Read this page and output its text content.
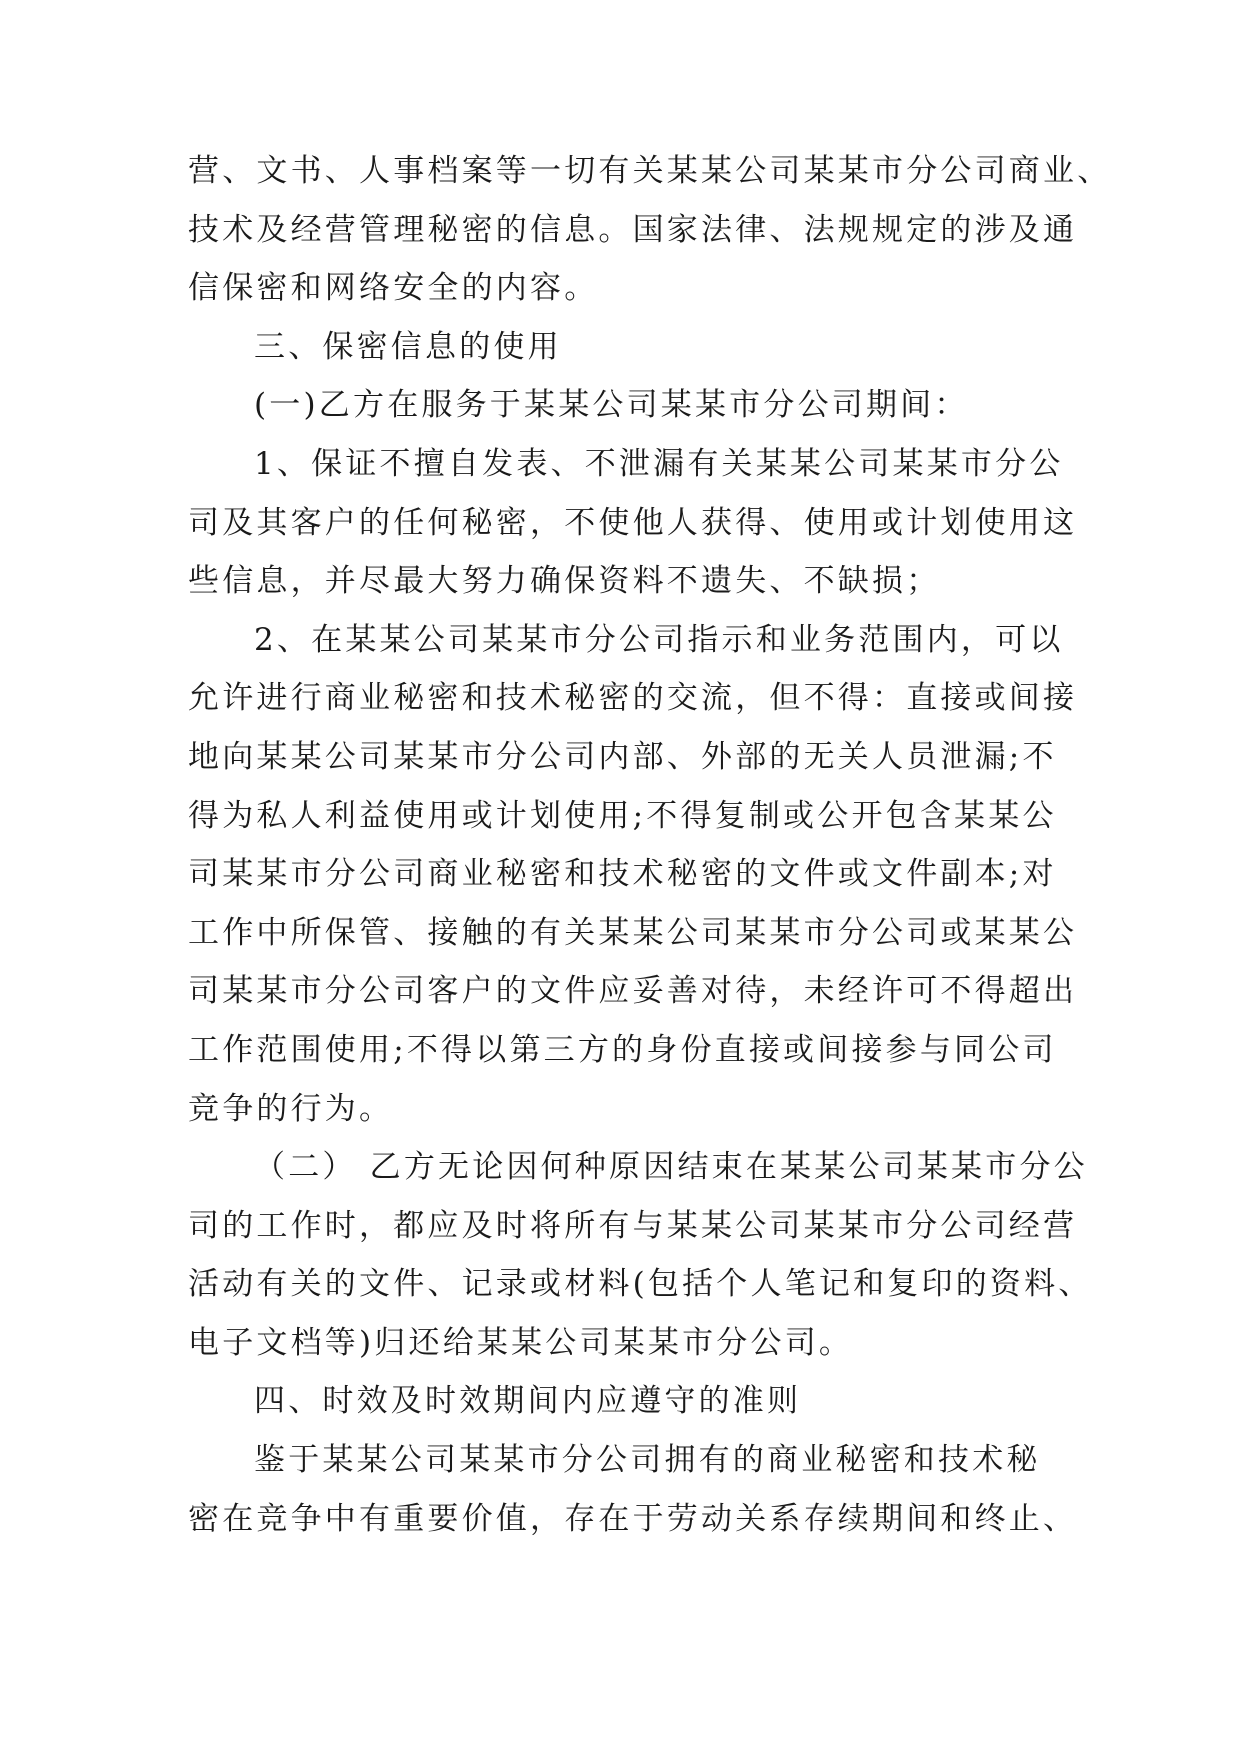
营、文书、人事档案等一切有关某某公司某某市分公司商业、
技术及经营管理秘密的信息。国家法律、法规规定的涉及通
信保密和网络安全的内容。
三、保密信息的使用
(一)乙方在服务于某某公司某某市分公司期间：
1、保证不擅自发表、不泄漏有关某某公司某某市分公
司及其客户的任何秘密，不使他人获得、使用或计划使用这
些信息，并尽最大努力确保资料不遗失、不缺损；
2、在某某公司某某市分公司指示和业务范围内，可以
允许进行商业秘密和技术秘密的交流，但不得：直接或间接
地向某某公司某某市分公司内部、外部的无关人员泄漏;不
得为私人利益使用或计划使用;不得复制或公开包含某某公
司某某市分公司商业秘密和技术秘密的文件或文件副本;对
工作中所保管、接触的有关某某公司某某市分公司或某某公
司某某市分公司客户的文件应妥善对待，未经许可不得超出
工作范围使用;不得以第三方的身份直接或间接参与同公司
竞争的行为。
（二） 乙方无论因何种原因结束在某某公司某某市分公
司的工作时，都应及时将所有与某某公司某某市分公司经营
活动有关的文件、记录或材料(包括个人笔记和复印的资料、
电子文档等)归还给某某公司某某市分公司。
四、时效及时效期间内应遵守的准则
鉴于某某公司某某市分公司拥有的商业秘密和技术秘
密在竞争中有重要价值，存在于劳动关系存续期间和终止、
